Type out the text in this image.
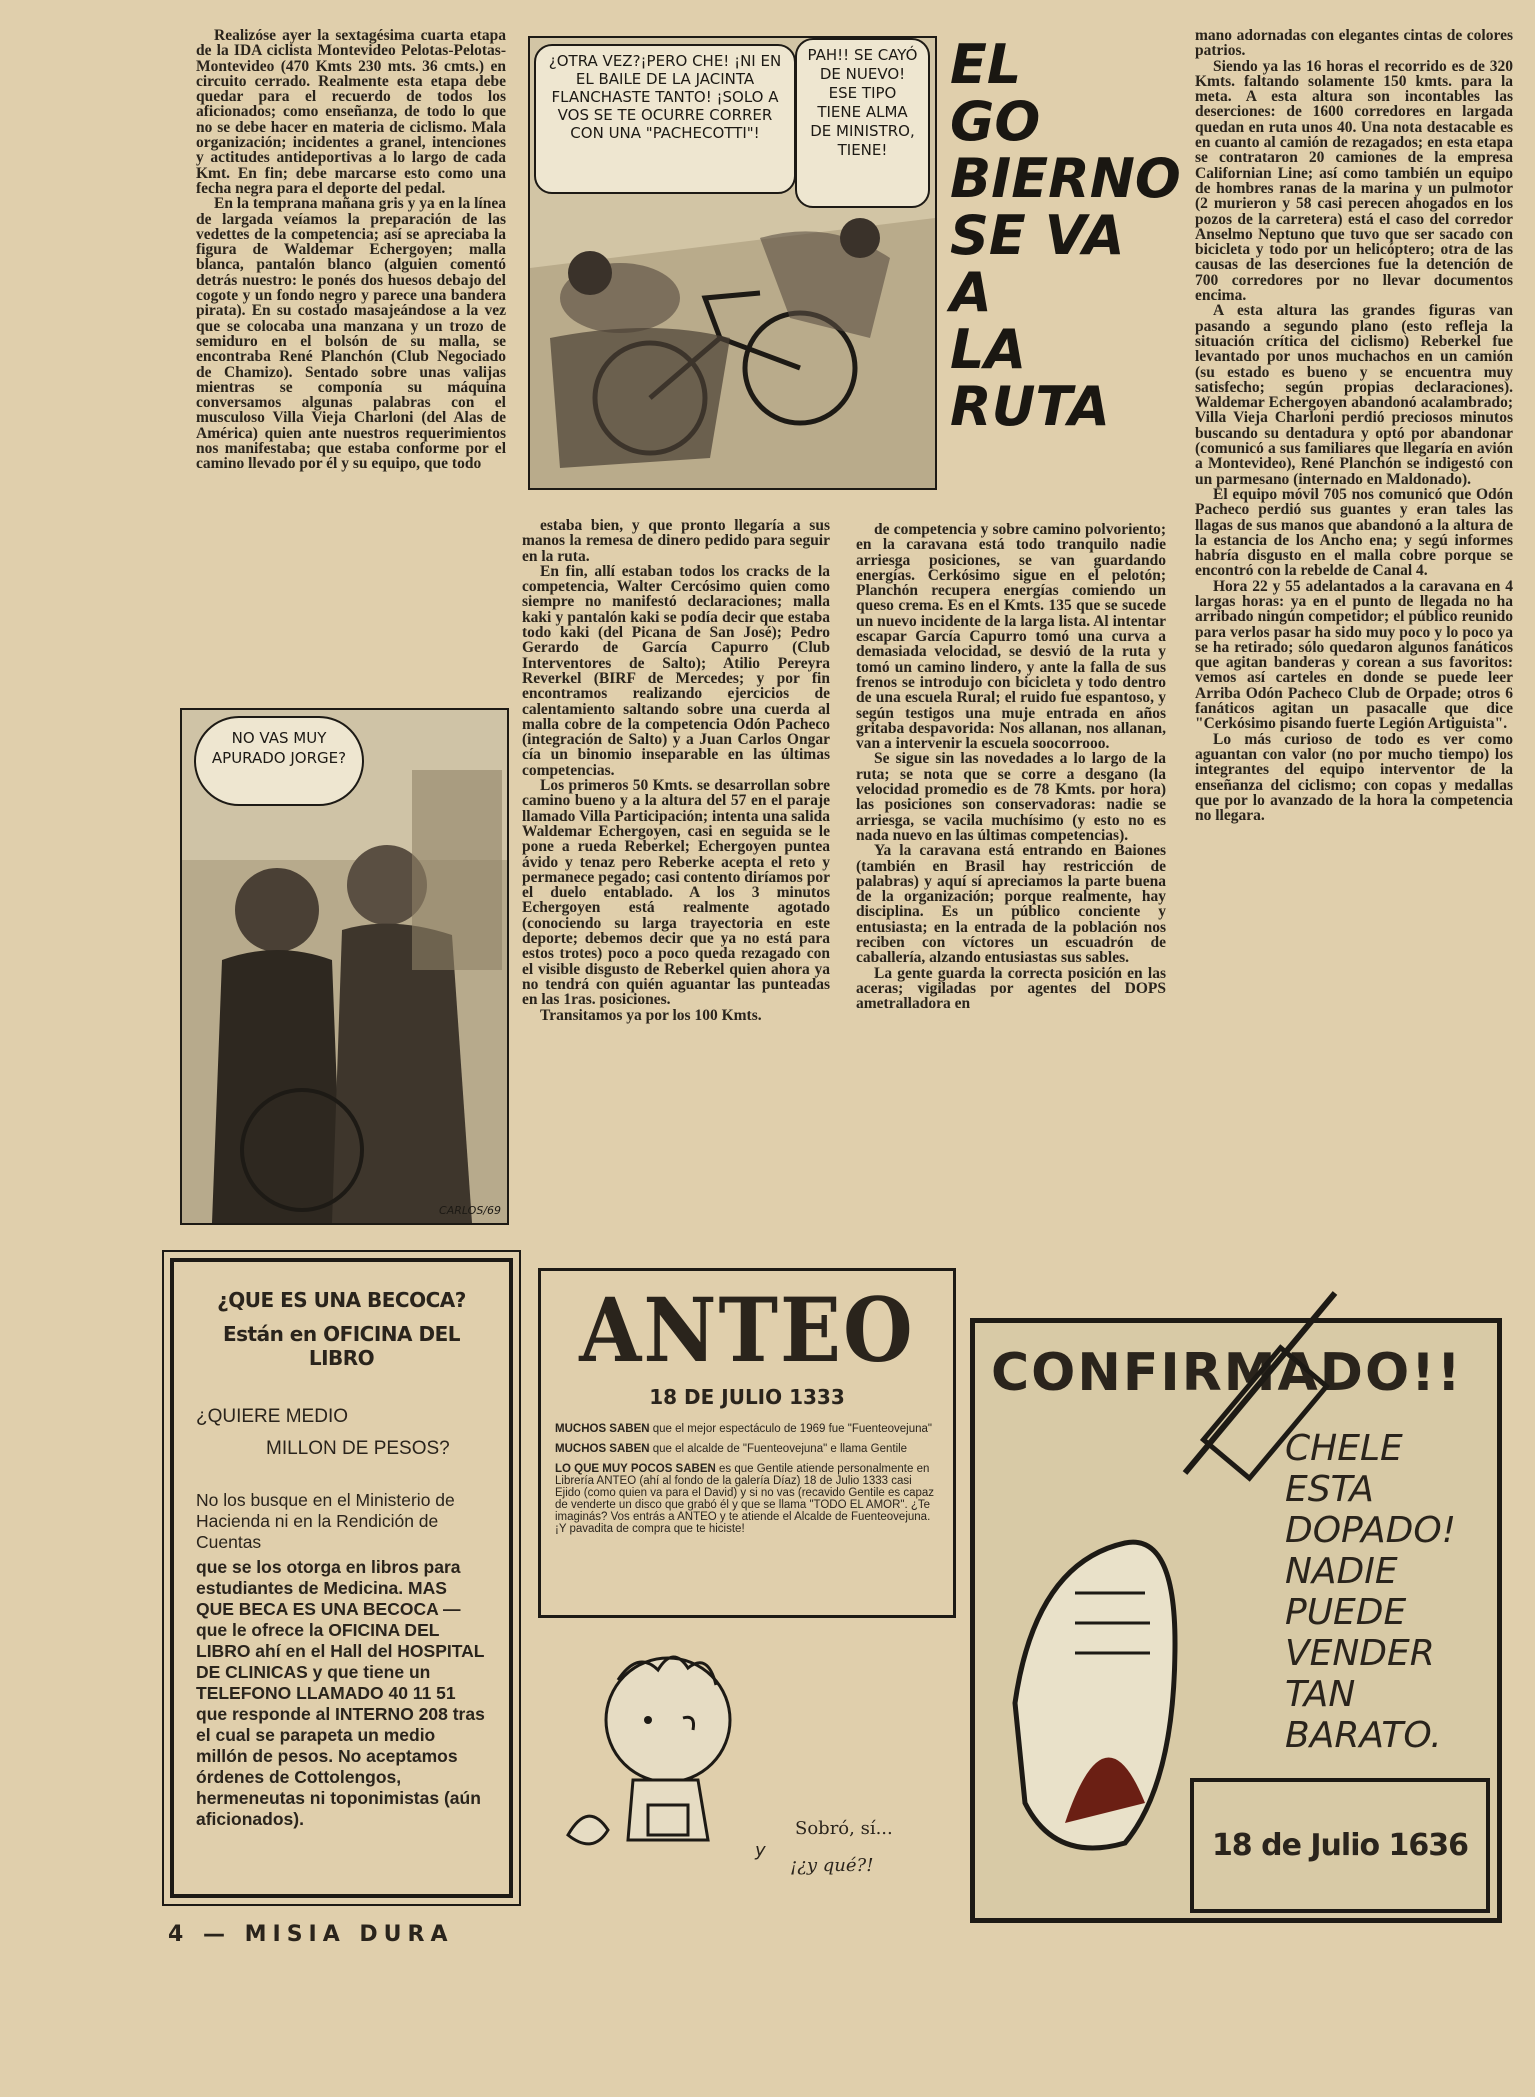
¿OTRA VEZ?¡PERO CHE! ¡NI EN EL BAILE DE LA JACINTA FLANCHASTE TANTO! ¡SOLO A VOS SE TE OCURRE CORRER CON UNA "PACHECOTTI"!
PAH!! SE CAYÓ DE NUEVO! ESE TIPO TIENE ALMA DE MINISTRO, TIENE!
EL
GO
BIERNO
SE VA A
LA RUTA

Realizóse ayer la sextagésima cuarta etapa de la IDA ciclista Montevideo Pelotas-Pelotas-Montevideo (470 Kmts 230 mts. 36 cmts.) en circuito cerrado. Realmente esta etapa debe quedar para el recuerdo de todos los aficionados; como enseñanza, de todo lo que no se debe hacer en materia de ciclismo. Mala organización; incidentes a granel, intenciones y actitudes antideportivas a lo largo de cada Kmt. En fin; debe marcarse esto como una fecha negra para el deporte del pedal.

En la temprana mañana gris y ya en la línea de largada veíamos la preparación de las vedettes de la competencia; así se apreciaba la figura de Waldemar Echergoyen; malla blanca, pantalón blanco (alguien comentó detrás nuestro: le ponés dos huesos debajo del cogote y un fondo negro y parece una bandera pirata). En su costado masajeándose a la vez que se colocaba una manzana y un trozo de semiduro en el bolsón de su malla, se encontraba René Planchón (Club Negociado de Chamizo). Sentado sobre unas valijas mientras se componía su máquina conversamos algunas palabras con el musculoso Villa Vieja Charloni (del Alas de América) quien ante nuestros requerimientos nos manifestaba; que estaba conforme por el camino llevado por él y su equipo, que todo

NO VAS MUY APURADO JORGE?
CARLOS/69

estaba bien, y que pronto llegaría a sus manos la remesa de dinero pedido para seguir en la ruta.

En fin, allí estaban todos los cracks de la competencia, Walter Cercósimo quien como siempre no manifestó declaraciones; malla kaki y pantalón kaki se podía decir que estaba todo kaki (del Picana de San José); Pedro Gerardo de García Capurro (Club Interventores de Salto); Atilio Pereyra Reverkel (BIRF de Mercedes; y por fin encontramos realizando ejercicios de calentamiento saltando sobre una cuerda al malla cobre de la competencia Odón Pacheco (integración de Salto) y a Juan Carlos Ongar cía un binomio inseparable en las últimas competencias.

Los primeros 50 Kmts. se desarrollan sobre camino bueno y a la altura del 57 en el paraje llamado Villa Participación; intenta una salida Waldemar Echergoyen, casi en seguida se le pone a rueda Reberkel; Echergoyen puntea ávido y tenaz pero Reberke acepta el reto y permanece pegado; casi contento diríamos por el duelo entablado. A los 3 minutos Echergoyen está realmente agotado (conociendo su larga trayectoria en este deporte; debemos decir que ya no está para estos trotes) poco a poco queda rezagado con el visible disgusto de Reberkel quien ahora ya no tendrá con quién aguantar las punteadas en las 1ras. posiciones.

Transitamos ya por los 100 Kmts.

de competencia y sobre camino polvoriento; en la caravana está todo tranquilo nadie arriesga posiciones, se van guardando energías. Cerkósimo sigue en el pelotón; Planchón recupera energías comiendo un queso crema. Es en el Kmts. 135 que se sucede un nuevo incidente de la larga lista. Al intentar escapar García Capurro tomó una curva a demasiada velocidad, se desvió de la ruta y tomó un camino lindero, y ante la falla de sus frenos se introdujo con bicicleta y todo dentro de una escuela Rural; el ruido fue espantoso, y según testigos una muje entrada en años gritaba despavorida: Nos allanan, nos allanan, van a intervenir la escuela soocorrooo.

Se sigue sin las novedades a lo largo de la ruta; se nota que se corre a desgano (la velocidad promedio es de 78 Kmts. por hora) las posiciones son conservadoras: nadie se arriesga, se vacila muchísimo (y esto no es nada nuevo en las últimas competencias).

Ya la caravana está entrando en Baiones (también en Brasil hay restricción de palabras) y aquí sí apreciamos la parte buena de la organización; porque realmente, hay disciplina. Es un público conciente y entusiasta; en la entrada de la población nos reciben con víctores un escuadrón de caballería, alzando entusiastas sus sables.

La gente guarda la correcta posición en las aceras; vigiladas por agentes del DOPS ametralladora en

mano adornadas con elegantes cintas de colores patrios.

Siendo ya las 16 horas el recorrido es de 320 Kmts. faltando solamente 150 kmts. para la meta. A esta altura son incontables las deserciones: de 1600 corredores en largada quedan en ruta unos 40. Una nota destacable es en cuanto al camión de rezagados; en esta etapa se contrataron 20 camiones de la empresa Californian Line; así como también un equipo de hombres ranas de la marina y un pulmotor (2 murieron y 58 casi perecen ahogados en los pozos de la carretera) está el caso del corredor Anselmo Neptuno que tuvo que ser sacado con bicicleta y todo por un helicóptero; otra de las causas de las deserciones fue la detención de 700 corredores por no llevar documentos encima.

A esta altura las grandes figuras van pasando a segundo plano (esto refleja la situación crítica del ciclismo) Reberkel fue levantado por unos muchachos en un camión (su estado es bueno y se encuentra muy satisfecho; según propias declaraciones). Waldemar Echergoyen abandonó acalambrado; Villa Vieja Charloni perdió preciosos minutos buscando su dentadura y optó por abandonar (comunicó a sus familiares que llegaría en avión a Montevideo), René Planchón se indigestó con un parmesano (internado en Maldonado).

El equipo móvil 705 nos comunicó que Odón Pacheco perdió sus guantes y eran tales las llagas de sus manos que abandonó a la altura de la estancia de los Ancho ena; y segú informes habría disgusto en el malla cobre porque se encontró con la rebelde de Canal 4.

Hora 22 y 55 adelantados a la caravana en 4 largas horas: ya en el punto de llegada no ha arribado ningún competidor; el público reunido para verlos pasar ha sido muy poco y lo poco ya se ha retirado; sólo quedaron algunos fanáticos que agitan banderas y corean a sus favoritos: vemos así carteles en donde se puede leer Arriba Odón Pacheco Club de Orpade; otros 6 fanáticos agitan un pasacalle que dice "Cerkósimo pisando fuerte Legión Artiguista".

Lo más curioso de todo es ver como aguantan con valor (no por mucho tiempo) los integrantes del equipo interventor de la enseñanza del ciclismo; con copas y medallas que por lo avanzado de la hora la competencia no llegara.

¿QUE ES UNA BECOCA?
Están en OFICINA DEL LIBRO
¿QUIERE MEDIO
MILLON DE PESOS?

No los busque en el Ministerio de Hacienda ni en la Rendición de Cuentas

que se los otorga en libros para estudiantes de Medicina. MAS QUE BECA ES UNA BECOCA —que le ofrece la OFICINA DEL LIBRO ahí en el Hall del HOSPITAL DE CLINICAS y que tiene un TELEFONO LLAMADO 40 11 51 que responde al INTERNO 208 tras el cual se parapeta un medio millón de pesos. No aceptamos órdenes de Cottolengos, hermeneutas ni toponimistas (aún aficionados).

ANTEO
18 DE JULIO 1333
MUCHOS SABEN que el mejor espectáculo de 1969 fue "Fuenteovejuna"
MUCHOS SABEN que el alcalde de "Fuenteovejuna" e llama Gentile
LO QUE MUY POCOS SABEN es que Gentile atiende personalmente en Librería ANTEO (ahí al fondo de la galería Díaz) 18 de Julio 1333 casi Ejido (como quien va para el David) y si no vas (recavido Gentile es capaz de venderte un disco que grabó él y que se llama "TODO EL AMOR". ¿Te imaginás? Vos entrás a ANTEO y te atiende el Alcalde de Fuenteovejuna. ¡Y pavadita de compra que te hiciste!
y
Sobró, sí...
¡¿y qué?!
CONFIRMADO!!
CHELE
ESTA
DOPADO!
NADIE
PUEDE
VENDER
TAN
BARATO.
18 de Julio 1636
4 — MISIA DURA
